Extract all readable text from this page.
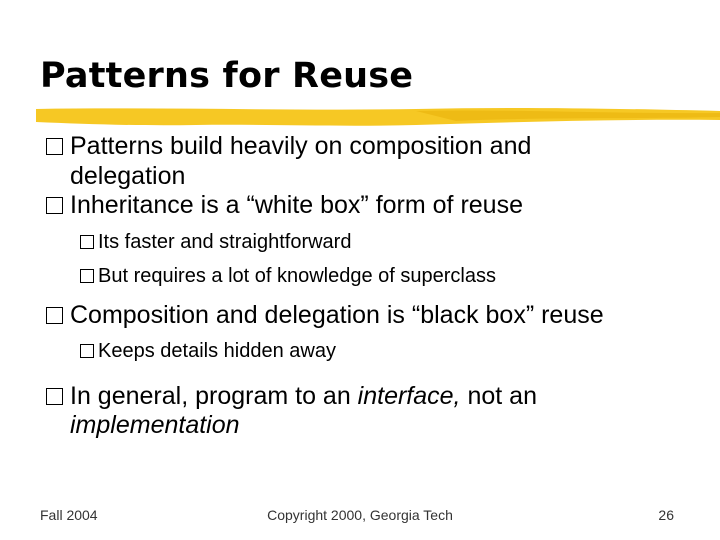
Patterns for Reuse
Patterns build heavily on composition and
delegation
Inheritance is a “white box” form of reuse
Its faster and straightforward
But requires a lot of knowledge of superclass
Composition and delegation is “black box” reuse
Keeps details hidden away
In general, program to an interface, not an
implementation
Fall 2004	Copyright 2000, Georgia Tech	26
